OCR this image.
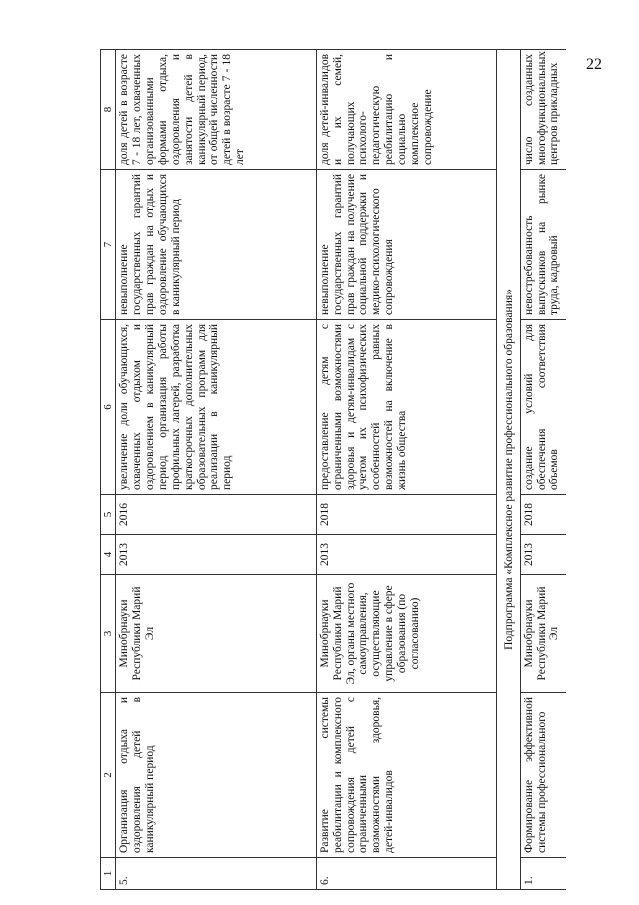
22
1	2	3	4	5	6	7	8
5.	Организация отдыха и оздоровления детей в каникулярный период	Минобрнауки Республики Марий Эл	2013	2016	увеличение доли обучающихся, охваченных отдыхом и оздоровлением в каникулярный период организация работы профильных лагерей, разработка краткосрочных дополнительных образовательных программ для реализации в каникулярный период	невыполнение государственных гарантий прав граждан на отдых и оздоровление обучающихся в каникулярный период	доля детей в возрасте 7 - 18 лет, охваченных организованными формами отдыха, оздоровления и занятости детей в каникулярный период, от общей численности детей в возрасте 7 - 18 лет

6.	Развитие системы реабилитации и комплексного сопровождения детей с ограниченными возможностями здоровья, детей-инвалидов	Минобрнауки Республики Марий Эл, органы местного самоуправления, осуществляющие управление в сфере образования (по согласованию)	2013	2018	предоставление детям с ограниченными возможностями здоровья и детям-инвалидам с учетом их психофизических особенностей равных возможностей на включение в жизнь общества	невыполнение государственных гарантий прав граждан на получение социальной поддержки и медико-психологического сопровождения	доля детей-инвалидов и их семей, получающих психолого-педагогическую реабилитацию и социально комплексное сопровождение
Подпрограмма «Комплексное развитие профессионального образования»							
1.	Формирование эффективной системы профессионального	Минобрнауки Республики Марий Эл	2013	2018	создание условий для обеспечения соответствия объемов	невостребованность выпускников на рынке труда, кадровый	число созданных многофункциональных центров прикладных
